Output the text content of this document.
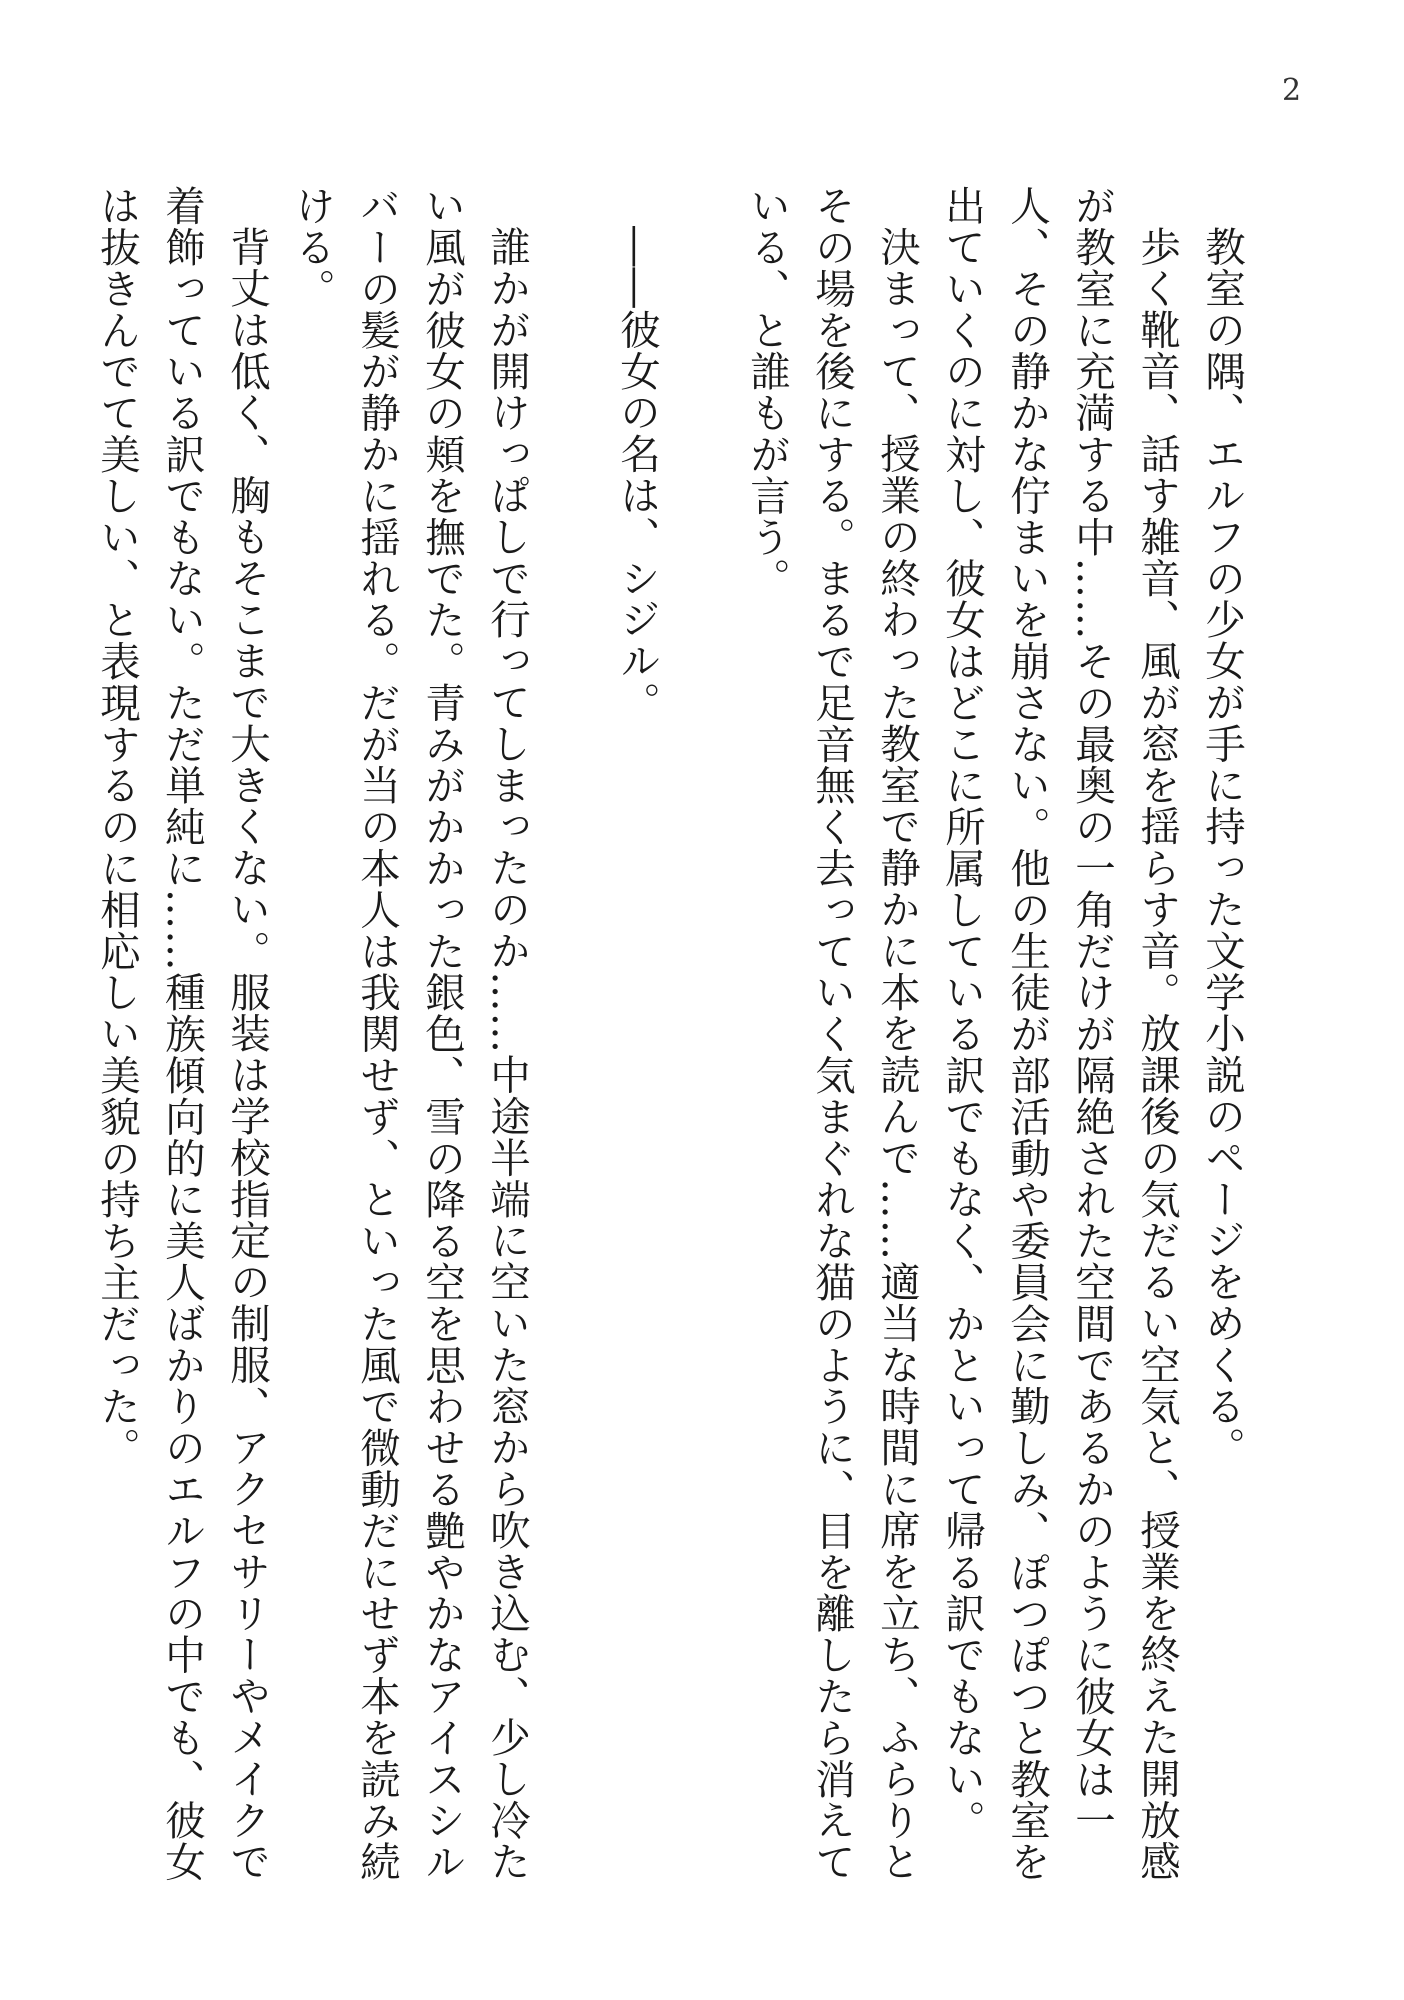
2

教室の隅、エルフの少女が手に持った文学小説のページをめくる。

歩く靴音、話す雑音、風が窓を揺らす音。放課後の気だるい空気と、授業を終えた開放感が教室に充満する中……その最奥の一角だけが隔絶された空間であるかのように彼女は一人、その静かな佇まいを崩さない。他の生徒が部活動や委員会に勤しみ、ぽつぽつと教室を出ていくのに対し、彼女はどこに所属している訳でもなく、かといって帰る訳でもない。

決まって、授業の終わった教室で静かに本を読んで……適当な時間に席を立ち、ふらりとその場を後にする。まるで足音無く去っていく気まぐれな猫のように、目を離したら消えている、と誰もが言う。

――彼女の名は、シジル。

誰かが開けっぱしで行ってしまったのか……中途半端に空いた窓から吹き込む、少し冷たい風が彼女の頬を撫でた。青みがかかった銀色、雪の降る空を思わせる艶やかなアイスシルバーの髪が静かに揺れる。だが当の本人は我関せず、といった風で微動だにせず本を読み続ける。

背丈は低く、胸もそこまで大きくない。服装は学校指定の制服、アクセサリーやメイクで着飾っている訳でもない。ただ単純に……種族傾向的に美人ばかりのエルフの中でも、彼女は抜きんでて美しい、と表現するのに相応しい美貌の持ち主だった。
